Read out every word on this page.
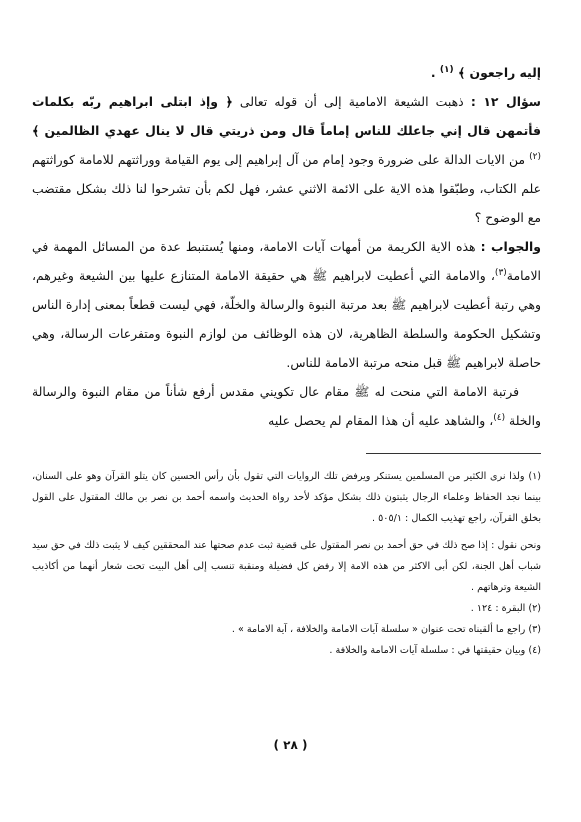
إليه راجعون ﴾ $^{(١)}$ .

سؤال ١٢ : ذهبت الشيعة الامامية إلى أن قوله تعالى ﴿ وإذ ابتلى ابراهيم ربّه بكلمات فأتمهن قال إني جاعلك للناس إماماً قال ومن ذريتي قال لا ينال عهدي الظالمين ﴾ $^{(٢)}$ من الايات الدالة على ضرورة وجود إمام من آل إبراهيم إلى يوم القيامة ووراثتهم للامامة كوراثتهم علم الكتاب، وطبّقوا هذه الاية على الائمة الاثني عشر، فهل لكم بأن تشرحوا لنا ذلك بشكل مقتضب مع الوضوح ؟

والجواب : هذه الاية الكريمة من أمهات آيات الامامة، ومنها يُستنبط عدة من المسائل المهمة في الامامة$^{(٣)}$، والامامة التي أعطيت لابراهيم ﷺ هي حقيقة الامامة المتنازع عليها بين الشيعة وغيرهم، وهي رتبة أعطيت لابراهيم ﷺ بعد مرتبة النبوة والرسالة والخلّة، فهي ليست قطعاً بمعنى إدارة الناس وتشكيل الحكومة والسلطة الظاهرية، لان هذه الوظائف من لوازم النبوة ومتفرعات الرسالة، وهي حاصلة لابراهيم ﷺ قبل منحه مرتبة الامامة للناس.

فرتبة الامامة التي منحت له ﷺ مقام عال تكويني مقدس أرفع شأناً من مقام النبوة والرسالة والخلة $^{(٤)}$، والشاهد عليه أن هذا المقام لم يحصل عليه

(١) ولذا نرى الكثير من المسلمين يستنكر ويرفض تلك الروايات التي تقول بأن رأس الحسين كان يتلو القرآن وهو على السنان، بينما نجد الحفاظ وعلماء الرجال يثبتون ذلك بشكل مؤكد لأحد رواة الحديث واسمه أحمد بن نصر بن مالك المقتول على القول بخلق القرآن، راجع تهذيب الكمال : ٥٠٥/١ .

ونحن نقول : إذا صح ذلك في حق أحمد بن نصر المقتول على قضية ثبت عدم صحتها عند المحققين كيف لا يثبت ذلك في حق سيد شباب أهل الجنة، لكن أبى الاكثر من هذه الامة إلا رفض كل فضيلة ومنقبة تنسب إلى أهل البيت تحت شعار أنهما من أكاذيب الشيعة وترهاتهم .

(٢) البقرة : ١٢٤ .

(٣) راجع ما ألقيناه تحت عنوان « سلسلة آيات الامامة والخلافة ، آية الامامة » .

(٤) وبيان حقيقتها في : سلسلة آيات الامامة والخلافة .

( ٢٨ )
